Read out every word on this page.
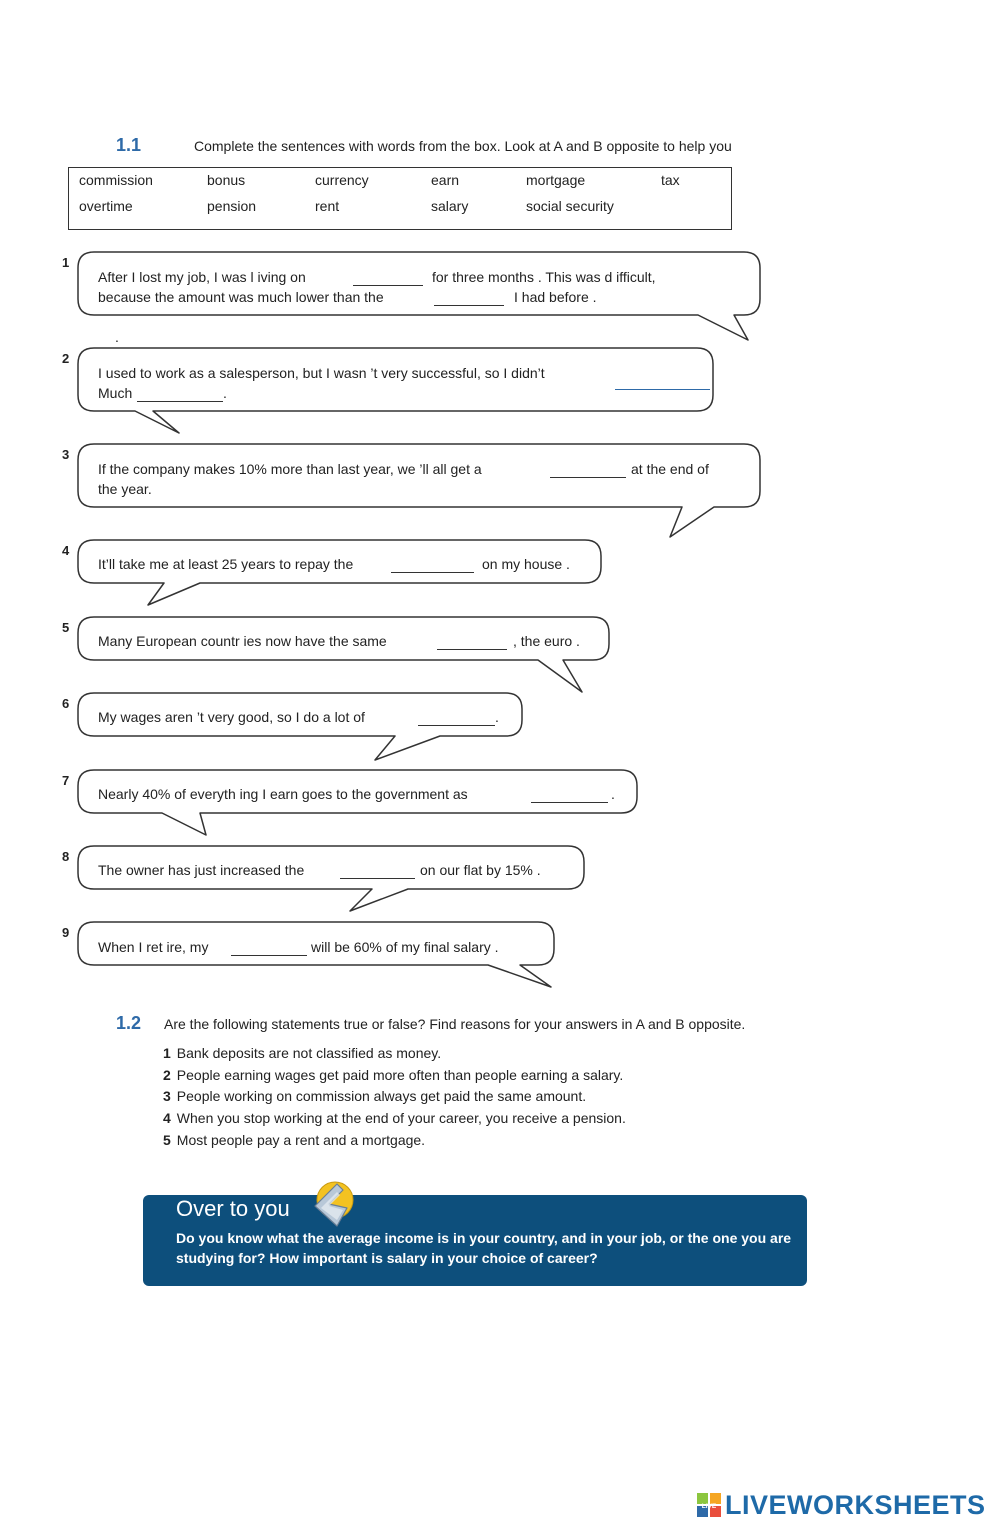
1.1	Complete the sentences with words from the box. Look at A and B opposite to help you
commission	bonus	currency	earn	mortgage	tax
overtime	pension	rent	salary	social security
1
2
3
4
5
6
7
8
9
After I lost my job, I was l iving on	for three months . This was d ifficult,
because the amount was much lower than the	I had before .
.
I used to work as a salesperson, but I wasn ’t very successful, so I didn’t
Much	.
If the company makes 10% more than last year, we ’ll all get a	at the end of
the year.
It’ll take me at least 25 years to repay the	on my house .
Many European countr ies now have the same	, the euro .
My wages aren ’t very good, so I do a lot of	.
Nearly 40% of everyth ing I earn goes to the government as	.
The owner has just increased the	on our flat by 15% .
When I ret ire, my	will be 60% of my final salary .
1.2 Are the following statements true or false? Find reasons for your answers in A and B opposite.
1 Bank deposits are not classified as money.
2 People earning wages get paid more often than people earning a salary.
3 People working on commission always get paid the same amount.
4 When you stop working at the end of your career, you receive a pension.
5 Most people pay a rent and a mortgage.
Over to you
Do you know what the average income is in your country, and in your job, or the one you are studying for? How important is salary in your choice of career?
LIVE LIVEWORKSHEETS
